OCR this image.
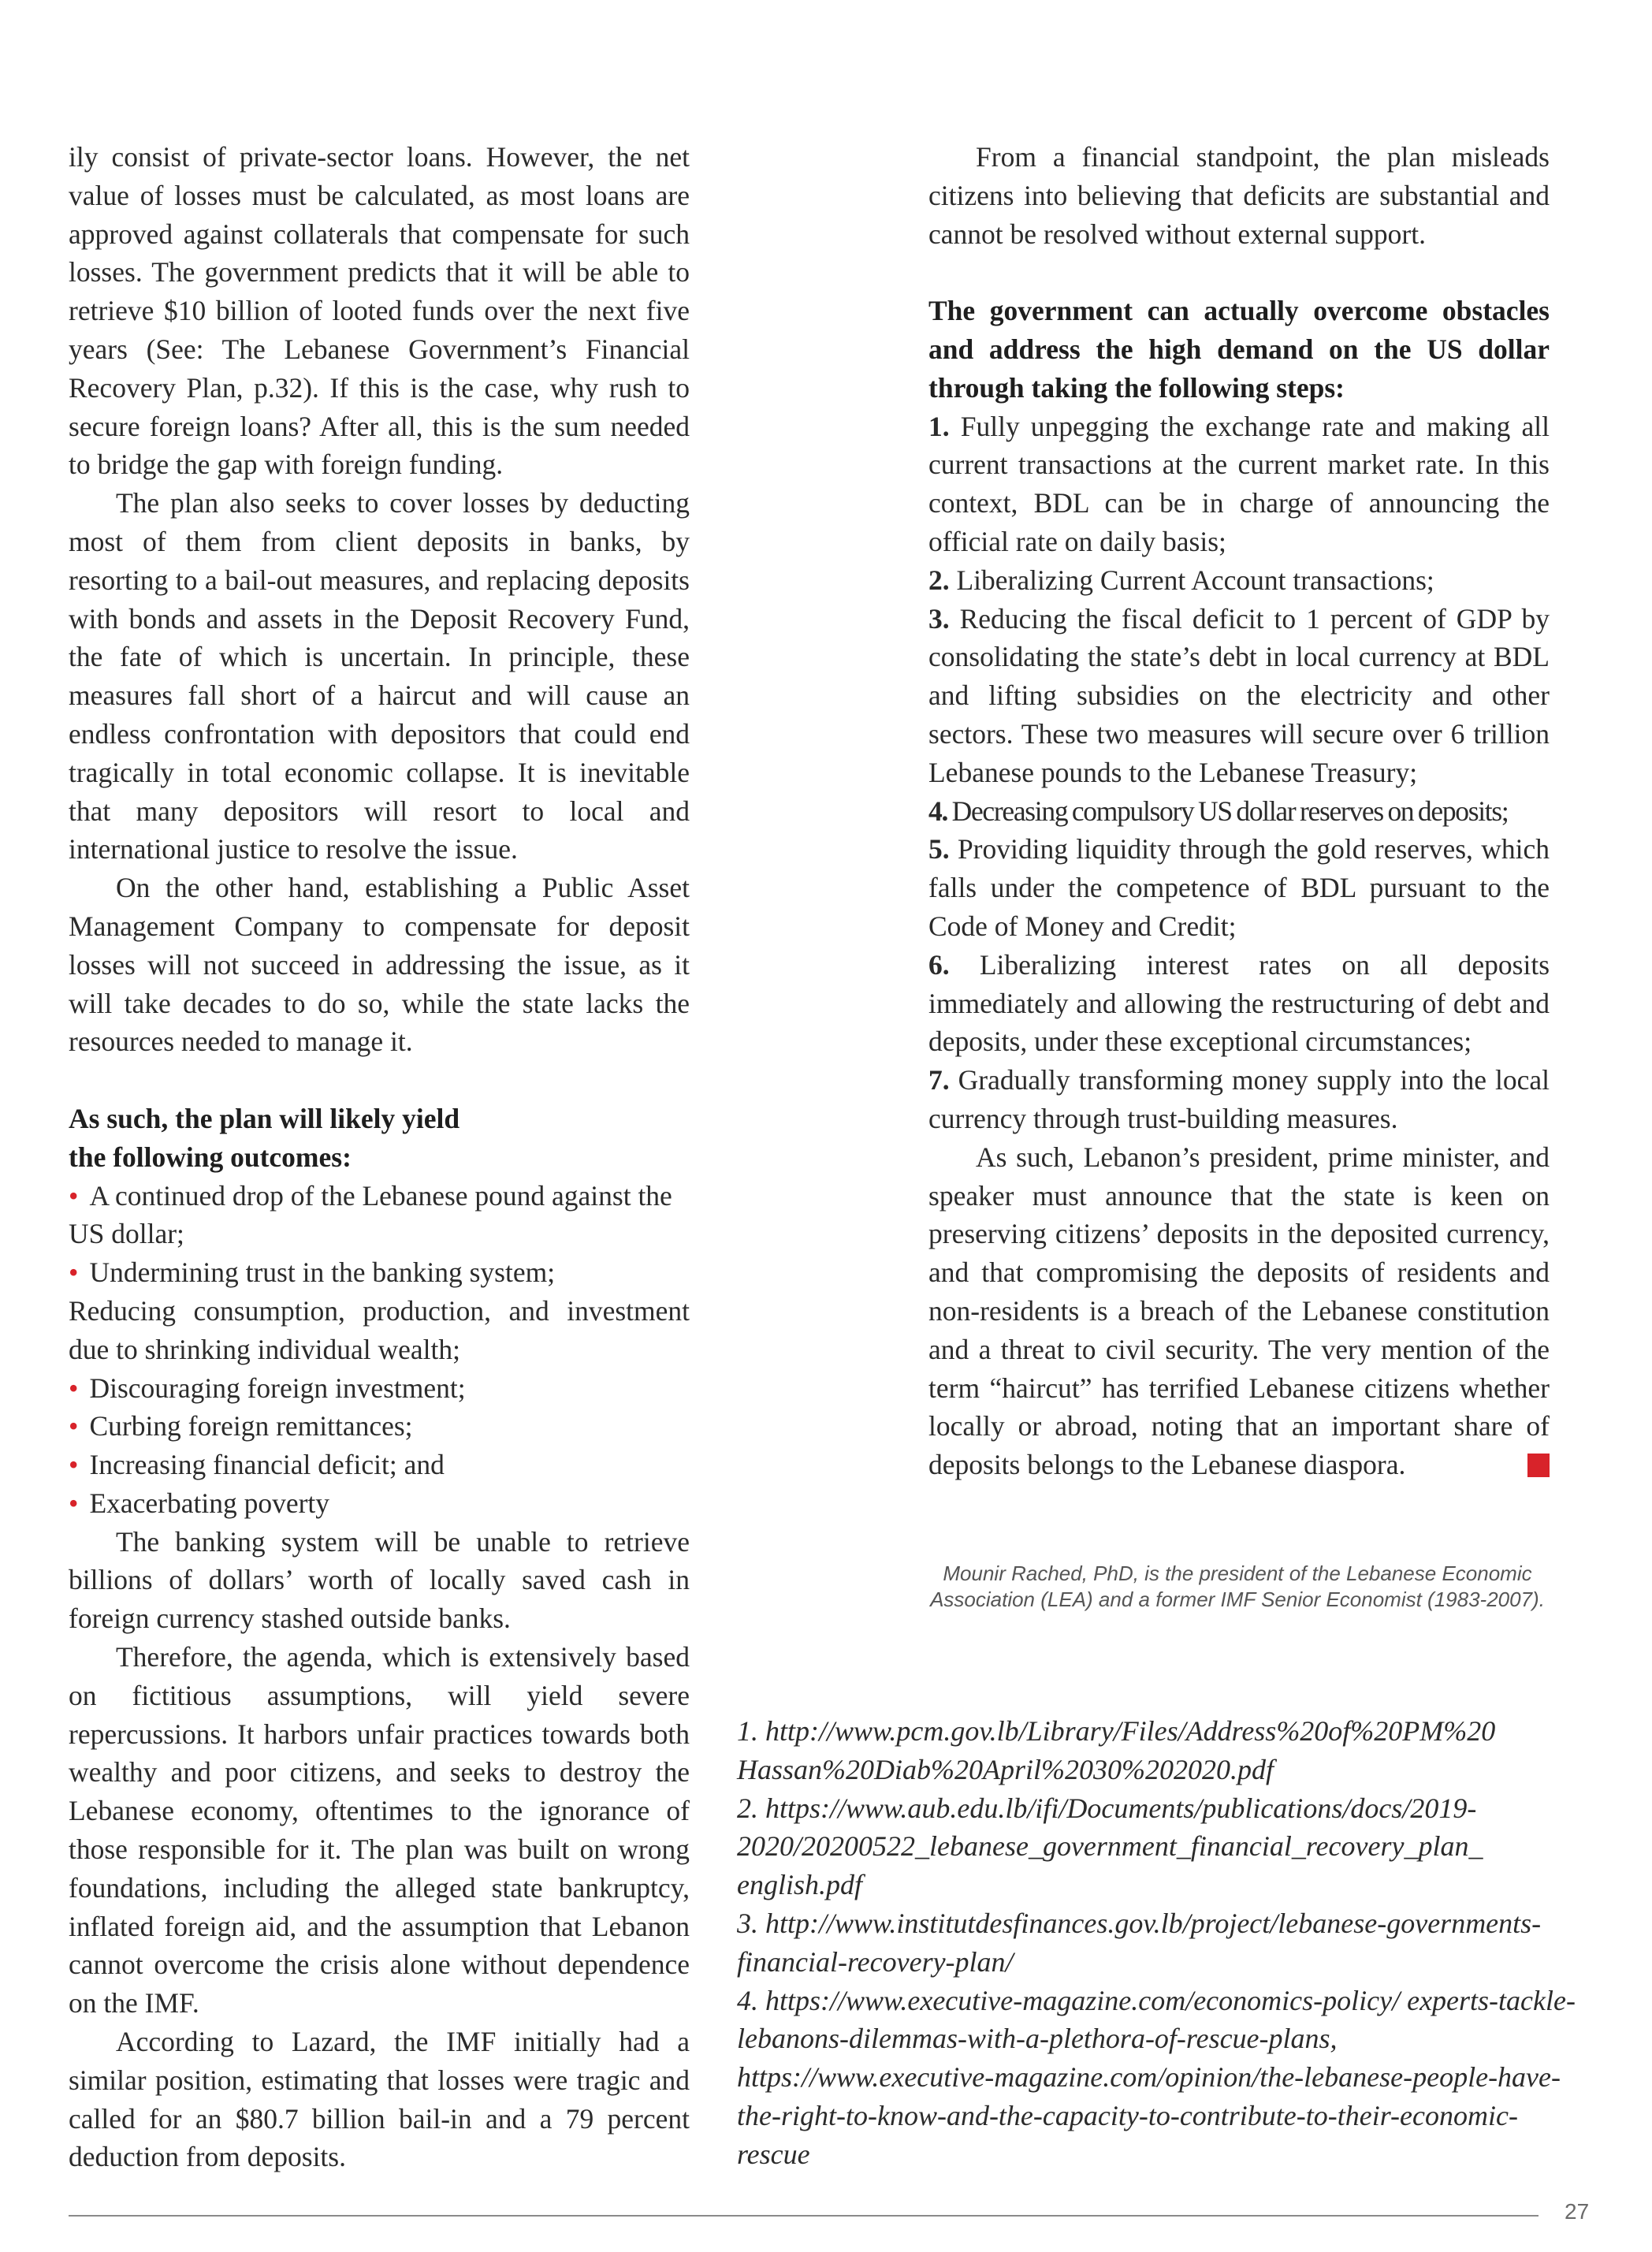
ily consist of private-sector loans. However, the net value of losses must be calculated, as most loans are approved against collaterals that compensate for such losses. The government predicts that it will be able to retrieve $10 billion of looted funds over the next five years (See: The Lebanese Government’s Financial Recovery Plan, p.32). If this is the case, why rush to secure foreign loans? After all, this is the sum needed to bridge the gap with foreign funding.

The plan also seeks to cover losses by deducting most of them from client deposits in banks, by resorting to a bail-out measures, and replacing deposits with bonds and assets in the Deposit Recovery Fund, the fate of which is uncertain. In principle, these measures fall short of a haircut and will cause an endless confrontation with depositors that could end tragically in total economic collapse. It is inevitable that many depositors will resort to local and international justice to resolve the issue.

On the other hand, establishing a Public Asset Management Company to compensate for deposit losses will not succeed in addressing the issue, as it will take decades to do so, while the state lacks the resources needed to manage it.

As such, the plan will likely yield
the following outcomes:

• A continued drop of the Lebanese pound against the US dollar;

• Undermining trust in the banking system;

Reducing consumption, production, and investment due to shrinking individual wealth;

• Discouraging foreign investment;

• Curbing foreign remittances;

• Increasing financial deficit; and

• Exacerbating poverty

The banking system will be unable to retrieve billions of dollars’ worth of locally saved cash in foreign currency stashed outside banks.

Therefore, the agenda, which is extensively based on fictitious assumptions, will yield severe repercussions. It harbors unfair practices towards both wealthy and poor citizens, and seeks to destroy the Lebanese economy, oftentimes to the ignorance of those responsible for it. The plan was built on wrong foundations, including the alleged state bankruptcy, inflated foreign aid, and the assumption that Lebanon cannot overcome the crisis alone without dependence on the IMF.

According to Lazard, the IMF initially had a similar position, estimating that losses were tragic and called for an $80.7 billion bail-in and a 79 percent deduction from deposits.

From a financial standpoint, the plan misleads citizens into believing that deficits are substantial and cannot be resolved without external support.

The government can actually overcome obstacles and address the high demand on the US dollar through taking the following steps:

1. Fully unpegging the exchange rate and making all current transactions at the current market rate. In this context, BDL can be in charge of announcing the official rate on daily basis;

2. Liberalizing Current Account transactions;

3. Reducing the fiscal deficit to 1 percent of GDP by consolidating the state’s debt in local currency at BDL and lifting subsidies on the electricity and other sectors. These two measures will secure over 6 trillion Lebanese pounds to the Lebanese Treasury;

4. Decreasing compulsory US dollar reserves on deposits;

5. Providing liquidity through the gold reserves, which falls under the competence of BDL pursuant to the Code of Money and Credit;

6. Liberalizing interest rates on all deposits immediately and allowing the restructuring of debt and deposits, under these exceptional circumstances;

7. Gradually transforming money supply into the local currency through trust-building measures.

As such, Lebanon’s president, prime minister, and speaker must announce that the state is keen on preserving citizens’ deposits in the deposited currency, and that compromising the deposits of residents and non-residents is a breach of the Lebanese constitution and a threat to civil security. The very mention of the term “haircut” has terrified Lebanese citizens whether locally or abroad, noting that an important share of deposits belongs to the Lebanese diaspora.	[:]

Mounir Rached, PhD, is the president of the Lebanese Economic Association (LEA) and a former IMF Senior Economist (1983-2007).

1. http://www.pcm.gov.lb/Library/Files/Address%20of%20PM%20 Hassan%20Diab%20April%2030%202020.pdf
2. https://www.aub.edu.lb/ifi/Documents/publications/docs/2019-2020/20200522_lebanese_government_financial_recovery_plan_ english.pdf
3. http://www.institutdesfinances.gov.lb/project/lebanese-governments-financial-recovery-plan/
4. https://www.executive-magazine.com/economics-policy/ experts-tackle-lebanons-dilemmas-with-a-plethora-of-rescue-plans, https://www.executive-magazine.com/opinion/the-lebanese-people-have-the-right-to-know-and-the-capacity-to-contribute-to-their-economic-rescue
27
